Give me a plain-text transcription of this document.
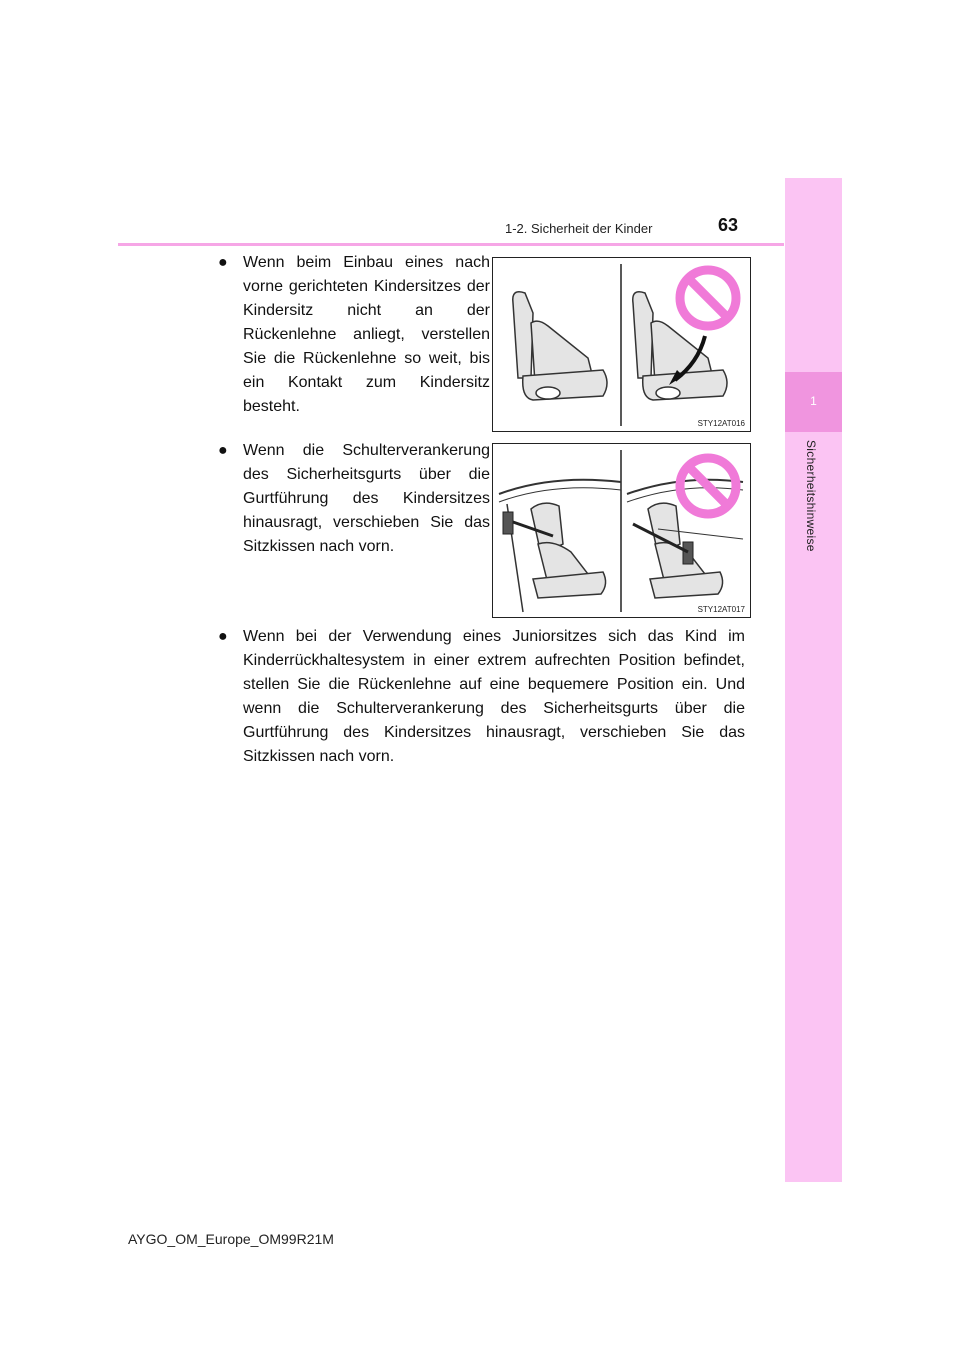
1-2. Sicherheit der Kinder	63
1
Sicherheitshinweise
● Wenn beim Einbau eines nach vorne gerichteten Kindersitzes der Kindersitz nicht an der Rückenlehne anliegt, verstellen Sie die Rückenlehne so weit, bis ein Kontakt zum Kindersitz besteht.
STY12AT016
● Wenn die Schulterverankerung des Sicherheitsgurts über die Gurtführung des Kindersitzes hinausragt, verschieben Sie das Sitzkissen nach vorn.
STY12AT017
● Wenn bei der Verwendung eines Juniorsitzes sich das Kind im Kinderrückhaltesystem in einer extrem aufrechten Position befindet, stellen Sie die Rückenlehne auf eine bequemere Position ein. Und wenn die Schulterverankerung des Sicherheitsgurts über die Gurtführung des Kindersitzes hinausragt, verschieben Sie das Sitzkissen nach vorn.
AYGO_OM_Europe_OM99R21M
